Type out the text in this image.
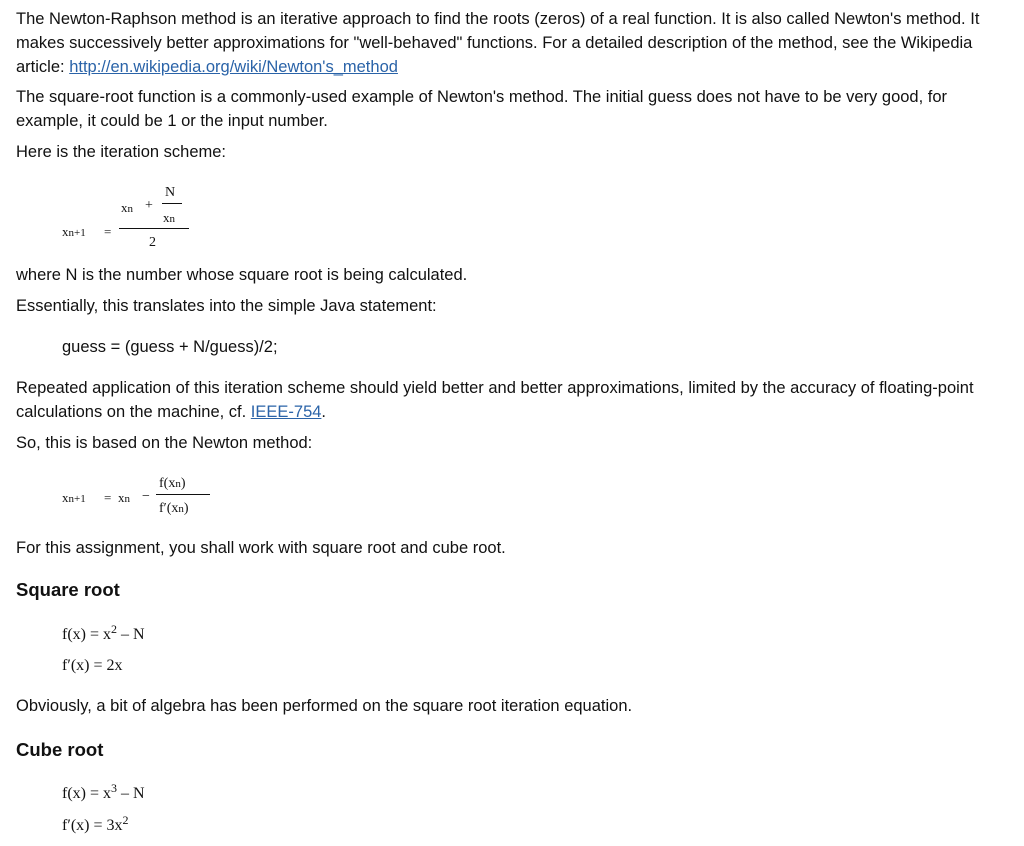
The Newton-Raphson method is an iterative approach to find the roots (zeros) of a real function. It is also called Newton's method. It makes successively better approximations for "well-behaved" functions. For a detailed description of the method, see the Wikipedia article: http://en.wikipedia.org/wiki/Newton's_method

The square-root function is a commonly-used example of Newton's method. The initial guess does not have to be very good, for example, it could be 1 or the input number.

Here is the iteration scheme:

xn+1 =
xn +
N
xn
2

where N is the number whose square root is being calculated.

Essentially, this translates into the simple Java statement:

guess = (guess + N/guess)/2;

Repeated application of this iteration scheme should yield better and better approximations, limited by the accuracy of floating-point calculations on the machine, cf. IEEE-754.

So, this is based on the Newton method:

xn+1 = xn −
f(xn)
f′(xn)

For this assignment, you shall work with square root and cube root.

Square root
$f(x) = x^2 - N$
f′(x) = 2x

Obviously, a bit of algebra has been performed on the square root iteration equation.

Cube root
$f(x) = x^3 - N$
$f'(x) = 3x^2$
